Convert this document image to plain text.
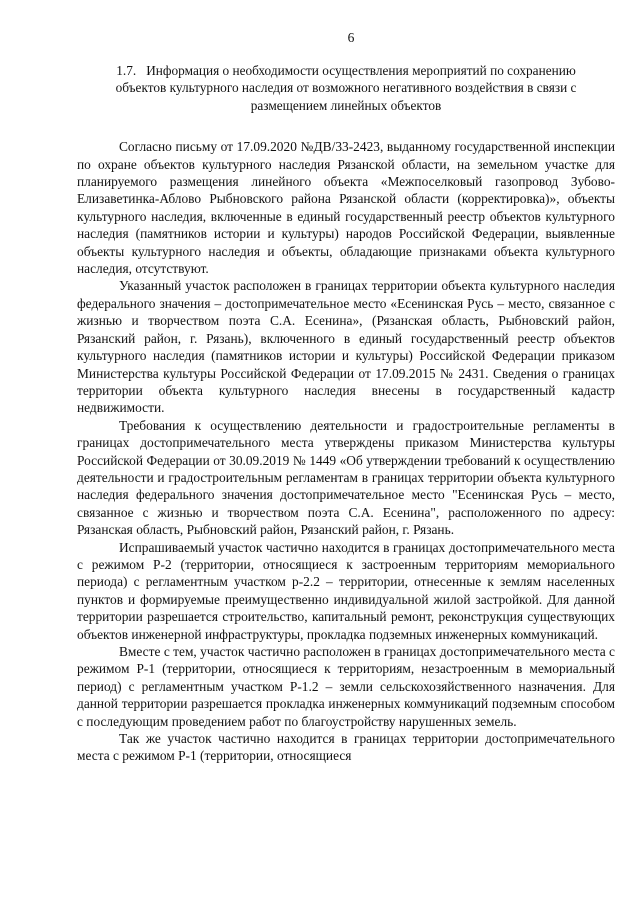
6
1.7. Информация о необходимости осуществления мероприятий по сохранению объектов культурного наследия от возможного негативного воздействия в связи с размещением линейных объектов

Согласно письму от 17.09.2020 №ДВ/33-2423, выданному государственной инспекции по охране объектов культурного наследия Рязанской области, на земельном участке для планируемого размещения линейного объекта «Межпоселковый газопровод Зубово-Елизаветинка-Аблово Рыбновского района Рязанской области (корректировка)», объекты культурного наследия, включенные в единый государственный реестр объектов культурного наследия (памятников истории и культуры) народов Российской Федерации, выявленные объекты культурного наследия и объекты, обладающие признаками объекта культурного наследия, отсутствуют.

Указанный участок расположен в границах территории объекта культурного наследия федерального значения – достопримечательное место «Есенинская Русь – место, связанное с жизнью и творчеством поэта С.А. Есенина», (Рязанская область, Рыбновский район, Рязанский район, г. Рязань), включенного в единый государственный реестр объектов культурного наследия (памятников истории и культуры) Российской Федерации приказом Министерства культуры Российской Федерации от 17.09.2015 № 2431. Сведения о границах территории объекта культурного наследия внесены в государственный кадастр недвижимости.

Требования к осуществлению деятельности и градостроительные регламенты в границах достопримечательного места утверждены приказом Министерства культуры Российской Федерации от 30.09.2019 № 1449 «Об утверждении требований к осуществлению деятельности и градостроительным регламентам в границах территории объекта культурного наследия федерального значения достопримечательное место "Есенинская Русь – место, связанное с жизнью и творчеством поэта С.А. Есенина", расположенного по адресу: Рязанская область, Рыбновский район, Рязанский район, г. Рязань.

Испрашиваемый участок частично находится в границах достопримечательного места с режимом Р-2 (территории, относящиеся к застроенным территориям мемориального периода) с регламентным участком р-2.2 – территории, отнесенные к землям населенных пунктов и формируемые преимущественно индивидуальной жилой застройкой. Для данной территории разрешается строительство, капитальный ремонт, реконструкция существующих объектов инженерной инфраструктуры, прокладка подземных инженерных коммуникаций.

Вместе с тем, участок частично расположен в границах достопримечательного места с режимом Р-1 (территории, относящиеся к территориям, незастроенным в мемориальный период) с регламентным участком Р-1.2 – земли сельскохозяйственного назначения. Для данной территории разрешается прокладка инженерных коммуникаций подземным способом с последующим проведением работ по благоустройству нарушенных земель.

Так же участок частично находится в границах территории достопримечательного места с режимом Р-1 (территории, относящиеся
